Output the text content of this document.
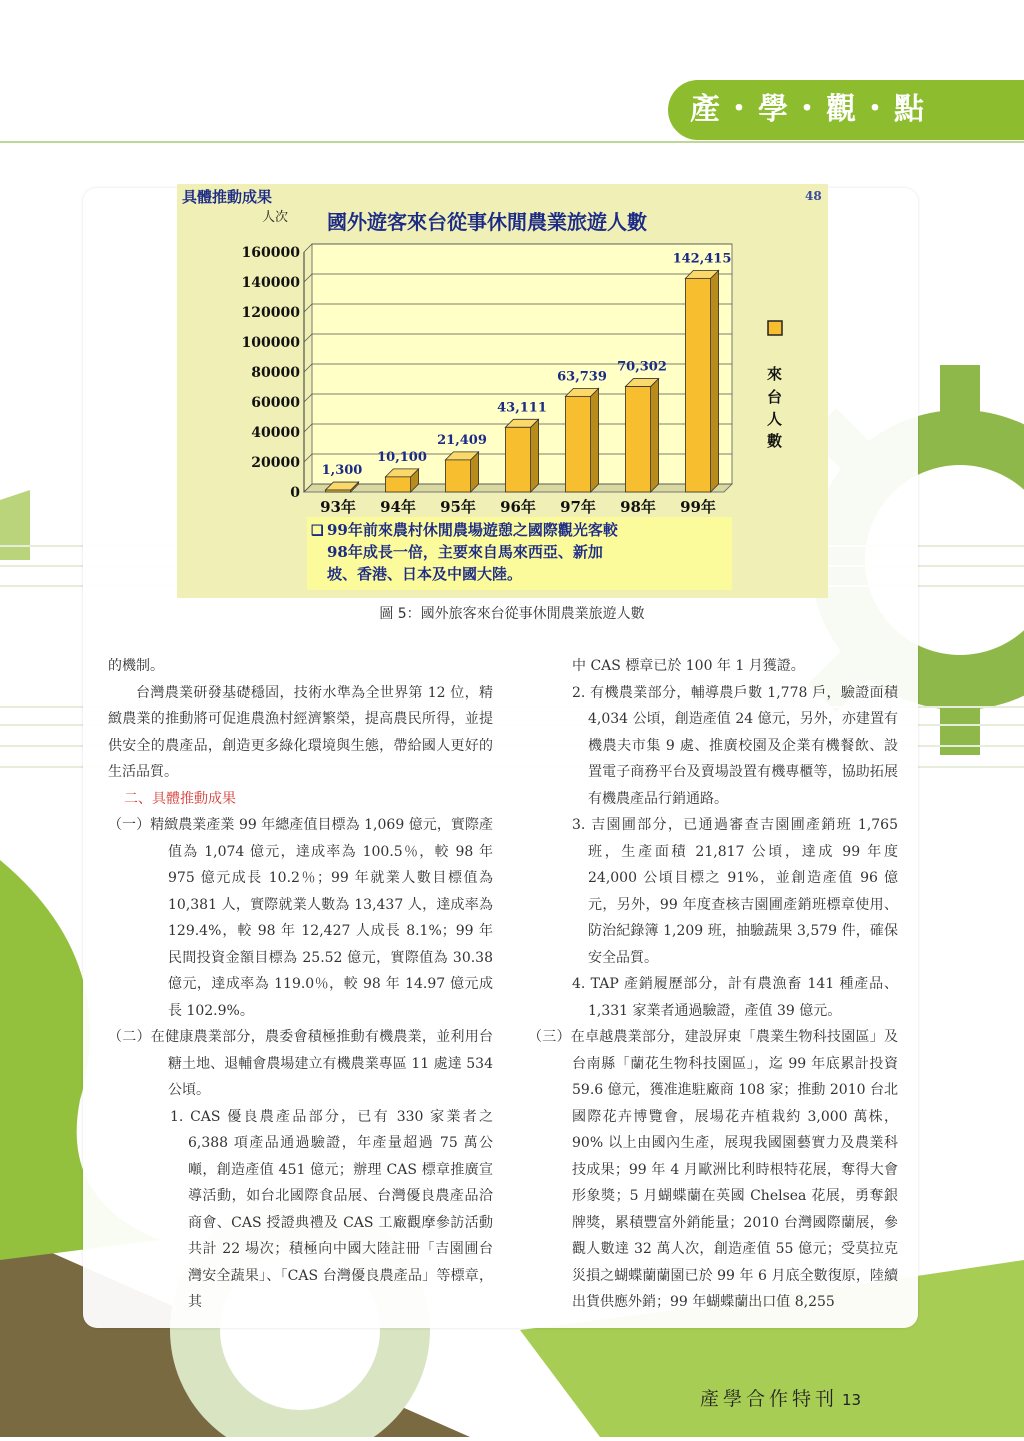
產・學・觀・點
具體推動成果
人次 國外遊客來台從事休閒農業旅遊人數
48
0
20000
40000
60000
80000
100000
120000
140000
160000
1,300
93年
10,100
94年
21,409
95年
43,111
96年
63,739
97年
70,302
98年
142,415
99年
來
台
人
數
❑ 99年前來農村休閒農場遊憩之國際觀光客較
98年成長一倍，主要來自馬來西亞、新加
坡、香港、日本及中國大陸。
圖 5：國外旅客來台從事休閒農業旅遊人數

的機制。

台灣農業研發基礎穩固，技術水準為全世界第 12 位，精緻農業的推動將可促進農漁村經濟繁榮，提高農民所得，並提供安全的農產品，創造更多綠化環境與生態，帶給國人更好的生活品質。

二、具體推動成果

（一）精緻農業產業 99 年總產值目標為 1,069 億元，實際產值為 1,074 億元，達成率為 100.5％，較 98 年 975 億元成長 10.2％；99 年就業人數目標值為 10,381 人，實際就業人數為 13,437 人，達成率為 129.4%，較 98 年 12,427 人成長 8.1%；99 年民間投資金額目標為 25.52 億元，實際值為 30.38 億元，達成率為 119.0％，較 98 年 14.97 億元成長 102.9%。

（二）在健康農業部分，農委會積極推動有機農業，並利用台糖土地、退輔會農場建立有機農業專區 11 處達 534 公頃。

1. CAS 優良農產品部分，已有 330 家業者之 6,388 項產品通過驗證，年產量超過 75 萬公噸，創造產值 451 億元；辦理 CAS 標章推廣宣導活動，如台北國際食品展、台灣優良農產品洽商會、CAS 授證典禮及 CAS 工廠觀摩參訪活動共計 22 場次；積極向中國大陸註冊「吉園圃台灣安全蔬果」、「CAS 台灣優良農產品」等標章，其

中 CAS 標章已於 100 年 1 月獲證。

2. 有機農業部分，輔導農戶數 1,778 戶，驗證面積 4,034 公頃，創造產值 24 億元，另外，亦建置有機農夫市集 9 處、推廣校園及企業有機餐飲、設置電子商務平台及賣場設置有機專櫃等，協助拓展有機農產品行銷通路。

3. 吉園圃部分，已通過審查吉園圃產銷班 1,765 班，生產面積 21,817 公頃，達成 99 年度 24,000 公頃目標之 91%，並創造產值 96 億元，另外，99 年度查核吉園圃產銷班標章使用、防治紀錄簿 1,209 班，抽驗蔬果 3,579 件，確保安全品質。

4. TAP 產銷履歷部分，計有農漁畜 141 種產品、1,331 家業者通過驗證，產值 39 億元。

（三）在卓越農業部分，建設屏東「農業生物科技園區」及台南縣「蘭花生物科技園區」，迄 99 年底累計投資 59.6 億元，獲准進駐廠商 108 家；推動 2010 台北國際花卉博覽會，展場花卉植栽約 3,000 萬株，90% 以上由國內生產，展現我國園藝實力及農業科技成果；99 年 4 月歐洲比利時根特花展，奪得大會形象獎；5 月蝴蝶蘭在英國 Chelsea 花展，勇奪銀牌獎，累積豐富外銷能量；2010 台灣國際蘭展，參觀人數達 32 萬人次，創造產值 55 億元；受莫拉克災損之蝴蝶蘭蘭園已於 99 年 6 月底全數復原，陸續出貨供應外銷；99 年蝴蝶蘭出口值 8,255

產學合作特刊 13
